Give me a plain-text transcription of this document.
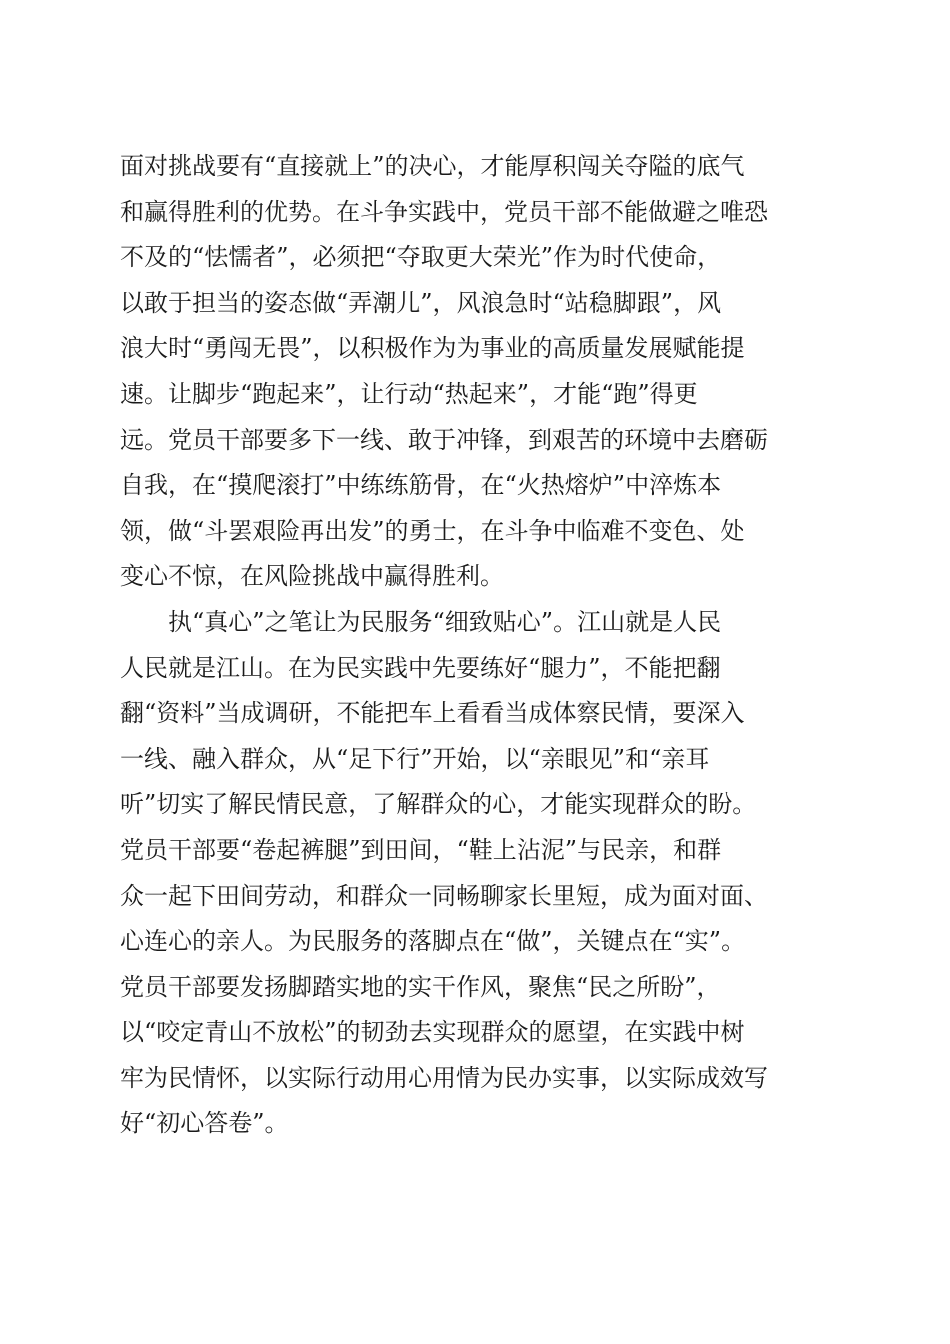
面对挑战要有“直接就上”的决心，才能厚积闯关夺隘的底气
和赢得胜利的优势。在斗争实践中，党员干部不能做避之唯恐
不及的“怯懦者”，必须把“夺取更大荣光”作为时代使命，
以敢于担当的姿态做“弄潮儿”，风浪急时“站稳脚跟”，风
浪大时“勇闯无畏”，以积极作为为事业的高质量发展赋能提
速。让脚步“跑起来”，让行动“热起来”，才能“跑”得更
远。党员干部要多下一线、敢于冲锋，到艰苦的环境中去磨砺
自我，在“摸爬滚打”中练练筋骨，在“火热熔炉”中淬炼本
领，做“斗罢艰险再出发”的勇士，在斗争中临难不变色、处
变心不惊，在风险挑战中赢得胜利。
执“真心”之笔让为民服务“细致贴心”。江山就是人民
人民就是江山。在为民实践中先要练好“腿力”，不能把翻
翻“资料”当成调研，不能把车上看看当成体察民情，要深入
一线、融入群众，从“足下行”开始，以“亲眼见”和“亲耳
听”切实了解民情民意，了解群众的心，才能实现群众的盼。
党员干部要“卷起裤腿”到田间，“鞋上沾泥”与民亲，和群
众一起下田间劳动，和群众一同畅聊家长里短，成为面对面、
心连心的亲人。为民服务的落脚点在“做”，关键点在“实”。
党员干部要发扬脚踏实地的实干作风，聚焦“民之所盼”，
以“咬定青山不放松”的韧劲去实现群众的愿望，在实践中树
牢为民情怀，以实际行动用心用情为民办实事，以实际成效写
好“初心答卷”。
